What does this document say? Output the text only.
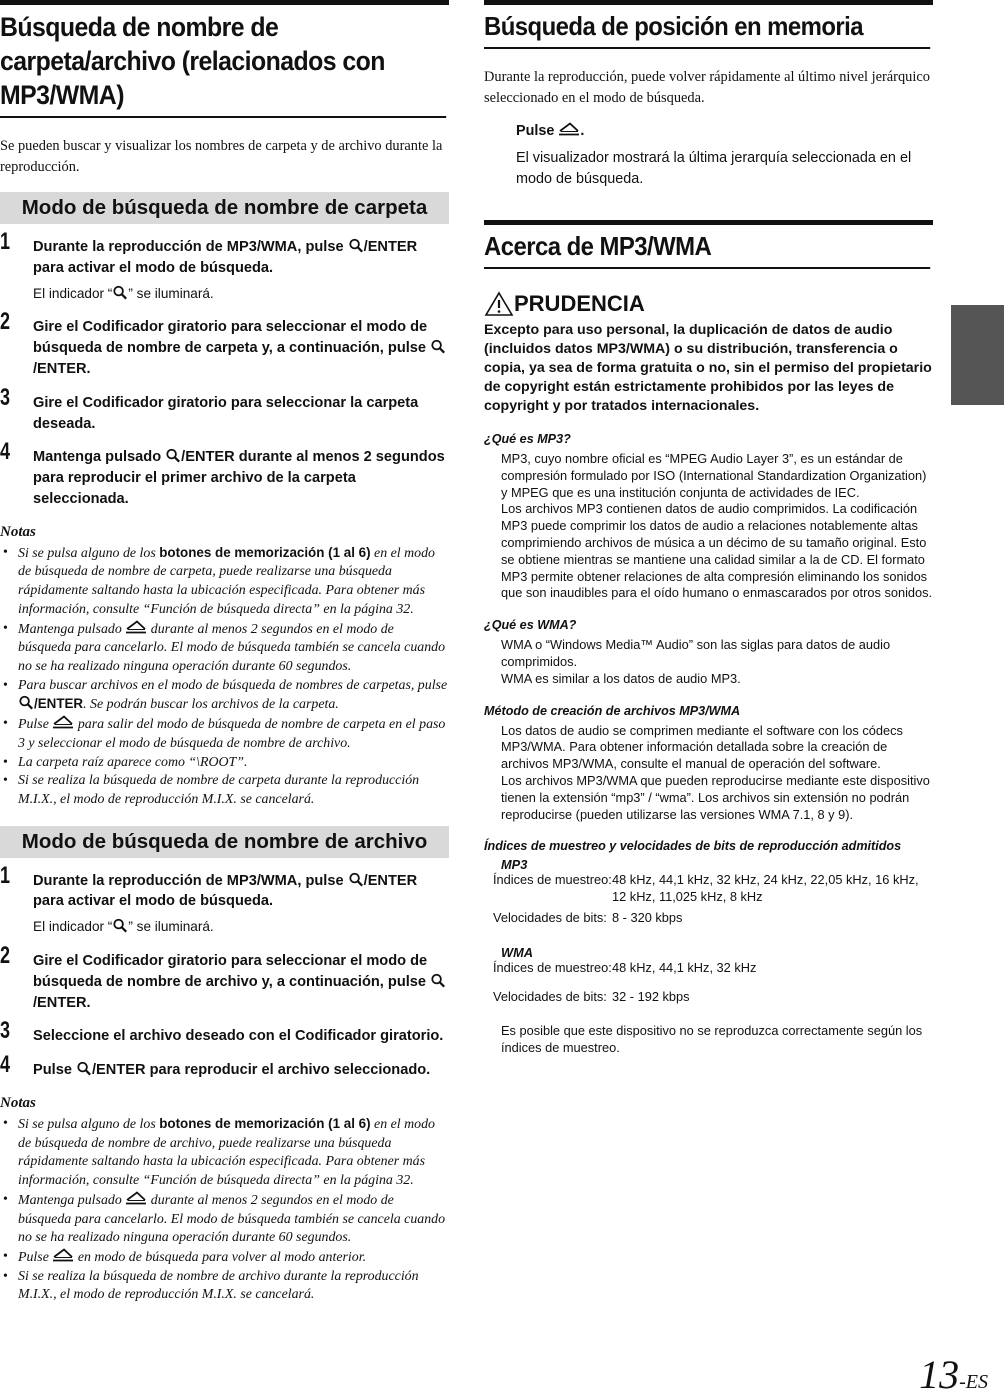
Búsqueda de nombre de carpeta/archivo (relacionados con MP3/WMA)

Se pueden buscar y visualizar los nombres de carpeta y de archivo durante la reproducción.

Modo de búsqueda de nombre de carpeta
1 Durante la reproducción de MP3/WMA, pulse /ENTER para activar el modo de búsqueda.
El indicador “ ” se iluminará.
2 Gire el Codificador giratorio para seleccionar el modo de búsqueda de nombre de carpeta y, a continuación, pulse /ENTER.
3 Gire el Codificador giratorio para seleccionar la carpeta deseada.
4 Mantenga pulsado /ENTER durante al menos 2 segundos para reproducir el primer archivo de la carpeta seleccionada.
Notas
• Si se pulsa alguno de los botones de memorización (1 al 6) en el modo de búsqueda de nombre de carpeta, puede realizarse una búsqueda rápidamente saltando hasta la ubicación especificada. Para obtener más información, consulte “Función de búsqueda directa” en la página 32.
• Mantenga pulsado durante al menos 2 segundos en el modo de búsqueda para cancelarlo. El modo de búsqueda también se cancela cuando no se ha realizado ninguna operación durante 60 segundos.
• Para buscar archivos en el modo de búsqueda de nombres de carpetas, pulse /ENTER. Se podrán buscar los archivos de la carpeta.
• Pulse para salir del modo de búsqueda de nombre de carpeta en el paso 3 y seleccionar el modo de búsqueda de nombre de archivo.
• La carpeta raíz aparece como “\ROOT”.
• Si se realiza la búsqueda de nombre de carpeta durante la reproducción M.I.X., el modo de reproducción M.I.X. se cancelará.
Modo de búsqueda de nombre de archivo
1 Durante la reproducción de MP3/WMA, pulse /ENTER para activar el modo de búsqueda.
El indicador “ ” se iluminará.
2 Gire el Codificador giratorio para seleccionar el modo de búsqueda de nombre de archivo y, a continuación, pulse /ENTER.
3 Seleccione el archivo deseado con el Codificador giratorio.
4 Pulse /ENTER para reproducir el archivo seleccionado.
Notas
• Si se pulsa alguno de los botones de memorización (1 al 6) en el modo de búsqueda de nombre de archivo, puede realizarse una búsqueda rápidamente saltando hasta la ubicación especificada. Para obtener más información, consulte “Función de búsqueda directa” en la página 32.
• Mantenga pulsado durante al menos 2 segundos en el modo de búsqueda para cancelarlo. El modo de búsqueda también se cancela cuando no se ha realizado ninguna operación durante 60 segundos.
• Pulse en modo de búsqueda para volver al modo anterior.
• Si se realiza la búsqueda de nombre de archivo durante la reproducción M.I.X., el modo de reproducción M.I.X. se cancelará.
Búsqueda de posición en memoria

Durante la reproducción, puede volver rápidamente al último nivel jerárquico seleccionado en el modo de búsqueda.

Pulse .
El visualizador mostrará la última jerarquía seleccionada en el modo de búsqueda.
Acerca de MP3/WMA
PRUDENCIA
Excepto para uso personal, la duplicación de datos de audio (incluidos datos MP3/WMA) o su distribución, transferencia o copia, ya sea de forma gratuita o no, sin el permiso del propietario de copyright están estrictamente prohibidos por las leyes de copyright y por tratados internacionales.
¿Qué es MP3?
MP3, cuyo nombre oficial es “MPEG Audio Layer 3”, es un estándar de compresión formulado por ISO (International Standardization Organization) y MPEG que es una institución conjunta de actividades de IEC.
Los archivos MP3 contienen datos de audio comprimidos. La codificación MP3 puede comprimir los datos de audio a relaciones notablemente altas comprimiendo archivos de música a un décimo de su tamaño original. Esto se obtiene mientras se mantiene una calidad similar a la de CD. El formato MP3 permite obtener relaciones de alta compresión eliminando los sonidos que son inaudibles para el oído humano o enmascarados por otros sonidos.
¿Qué es WMA?
WMA o “Windows Media™ Audio” son las siglas para datos de audio comprimidos.
WMA es similar a los datos de audio MP3.
Método de creación de archivos MP3/WMA
Los datos de audio se comprimen mediante el software con los códecs MP3/WMA. Para obtener información detallada sobre la creación de archivos MP3/WMA, consulte el manual de operación del software.
Los archivos MP3/WMA que pueden reproducirse mediante este dispositivo tienen la extensión “mp3” / “wma”. Los archivos sin extensión no podrán reproducirse (pueden utilizarse las versiones WMA 7.1, 8 y 9).
Índices de muestreo y velocidades de bits de reproducción admitidos
MP3
Índices de muestreo:	48 kHz, 44,1 kHz, 32 kHz, 24 kHz, 22,05 kHz, 16 kHz, 12 kHz, 11,025 kHz, 8 kHz
Velocidades de bits:	8 - 320 kbps
WMA
Índices de muestreo:	48 kHz, 44,1 kHz, 32 kHz
Velocidades de bits:	32 - 192 kbps
Es posible que este dispositivo no se reproduzca correctamente según los índices de muestreo.
13-ES
